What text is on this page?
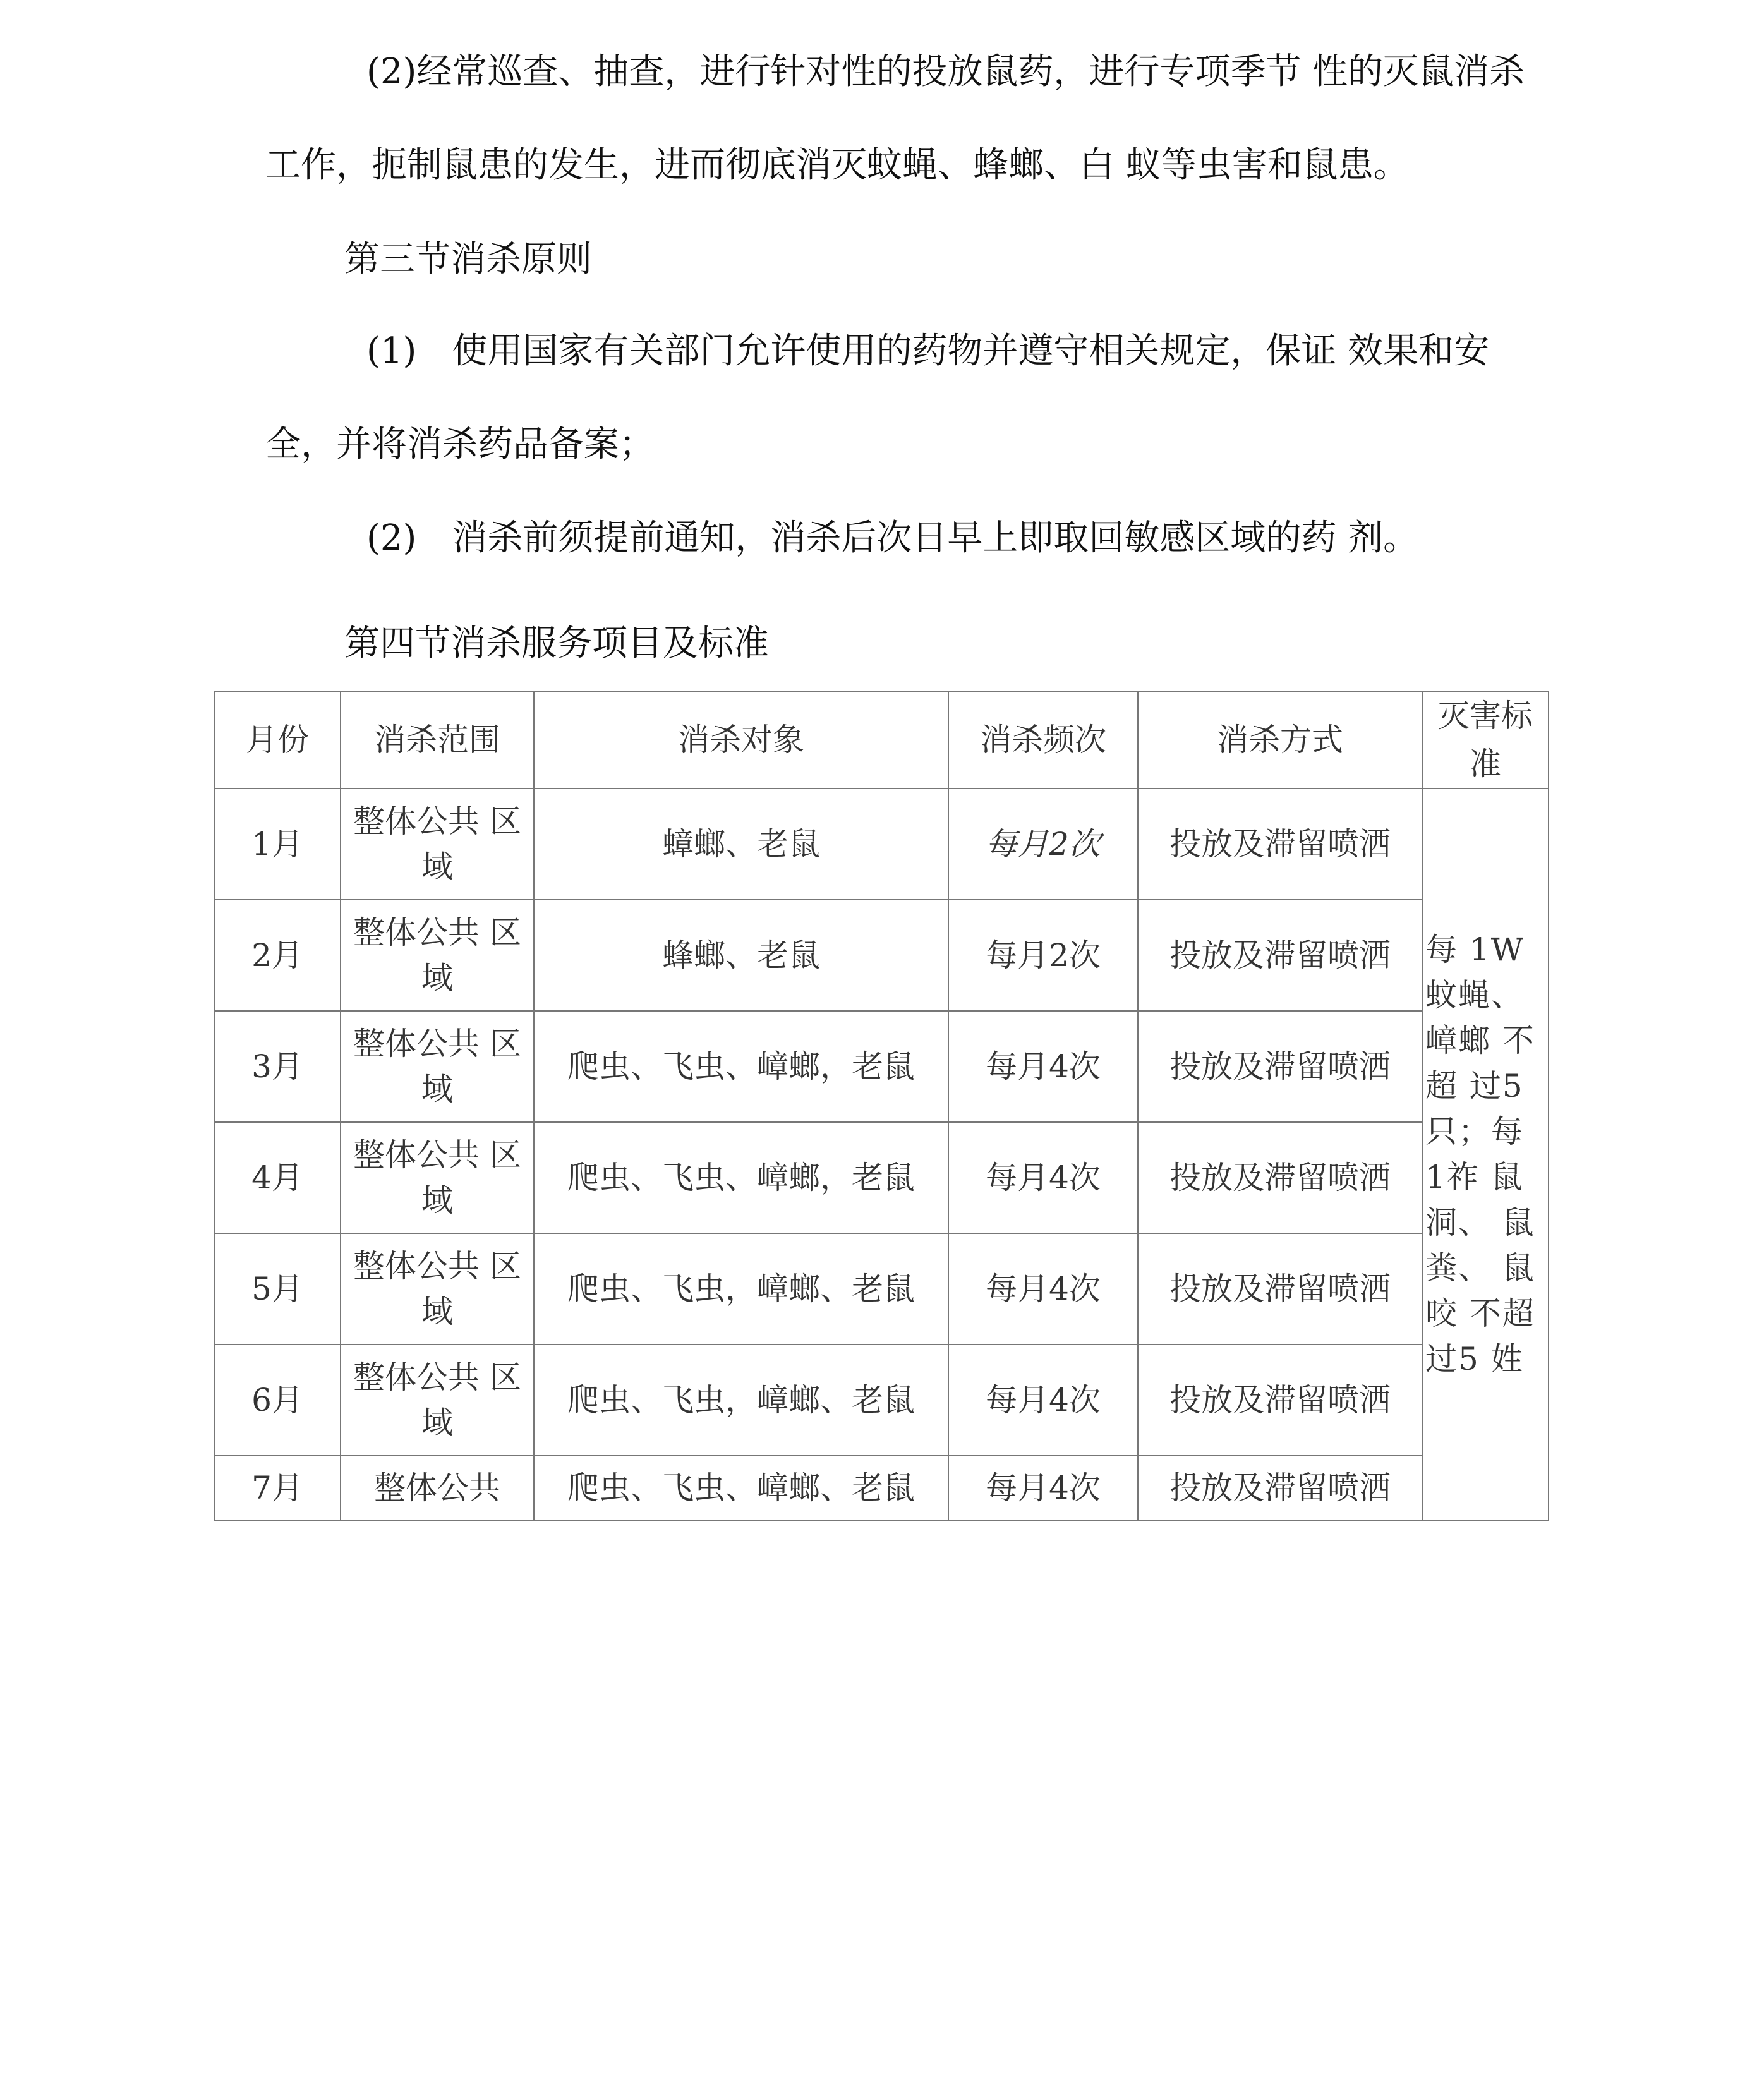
(2)经常巡查、抽查，进行针对性的投放鼠药，进行专项季节 性的灭鼠消杀工作，扼制鼠患的发生，进而彻底消灭蚊蝇、蜂螂、白 蚁等虫害和鼠患。

第三节消杀原则

(1)　使用国家有关部门允许使用的药物并遵守相关规定，保证 效果和安全，并将消杀药品备案；

(2)　消杀前须提前通知，消杀后次日早上即取回敏感区域的药 剂。

第四节消杀服务项目及标准
月份	消杀范围	消杀对象	消杀频次	消杀方式	灭害标准
1月	整体公共 区域	蟑螂、老鼠	每月2次	投放及滞留喷洒	每 1W 蚊蝇、 嶂螂 不超 过5 只；每 1祚 鼠洞、 鼠粪、 鼠咬 不超 过5 姓
2月	整体公共 区域	蜂螂、老鼠	每月2次	投放及滞留喷洒	
3月	整体公共 区域	爬虫、飞虫、嶂螂，老鼠	每月4次	投放及滞留喷洒	
4月	整体公共 区域	爬虫、飞虫、嶂螂，老鼠	每月4次	投放及滞留喷洒	
5月	整体公共 区域	爬虫、飞虫，嶂螂、老鼠	每月4次	投放及滞留喷洒	
6月	整体公共 区域	爬虫、飞虫，嶂螂、老鼠	每月4次	投放及滞留喷洒	
7月	整体公共	爬虫、飞虫、嶂螂、老鼠	每月4次	投放及滞留喷洒	
